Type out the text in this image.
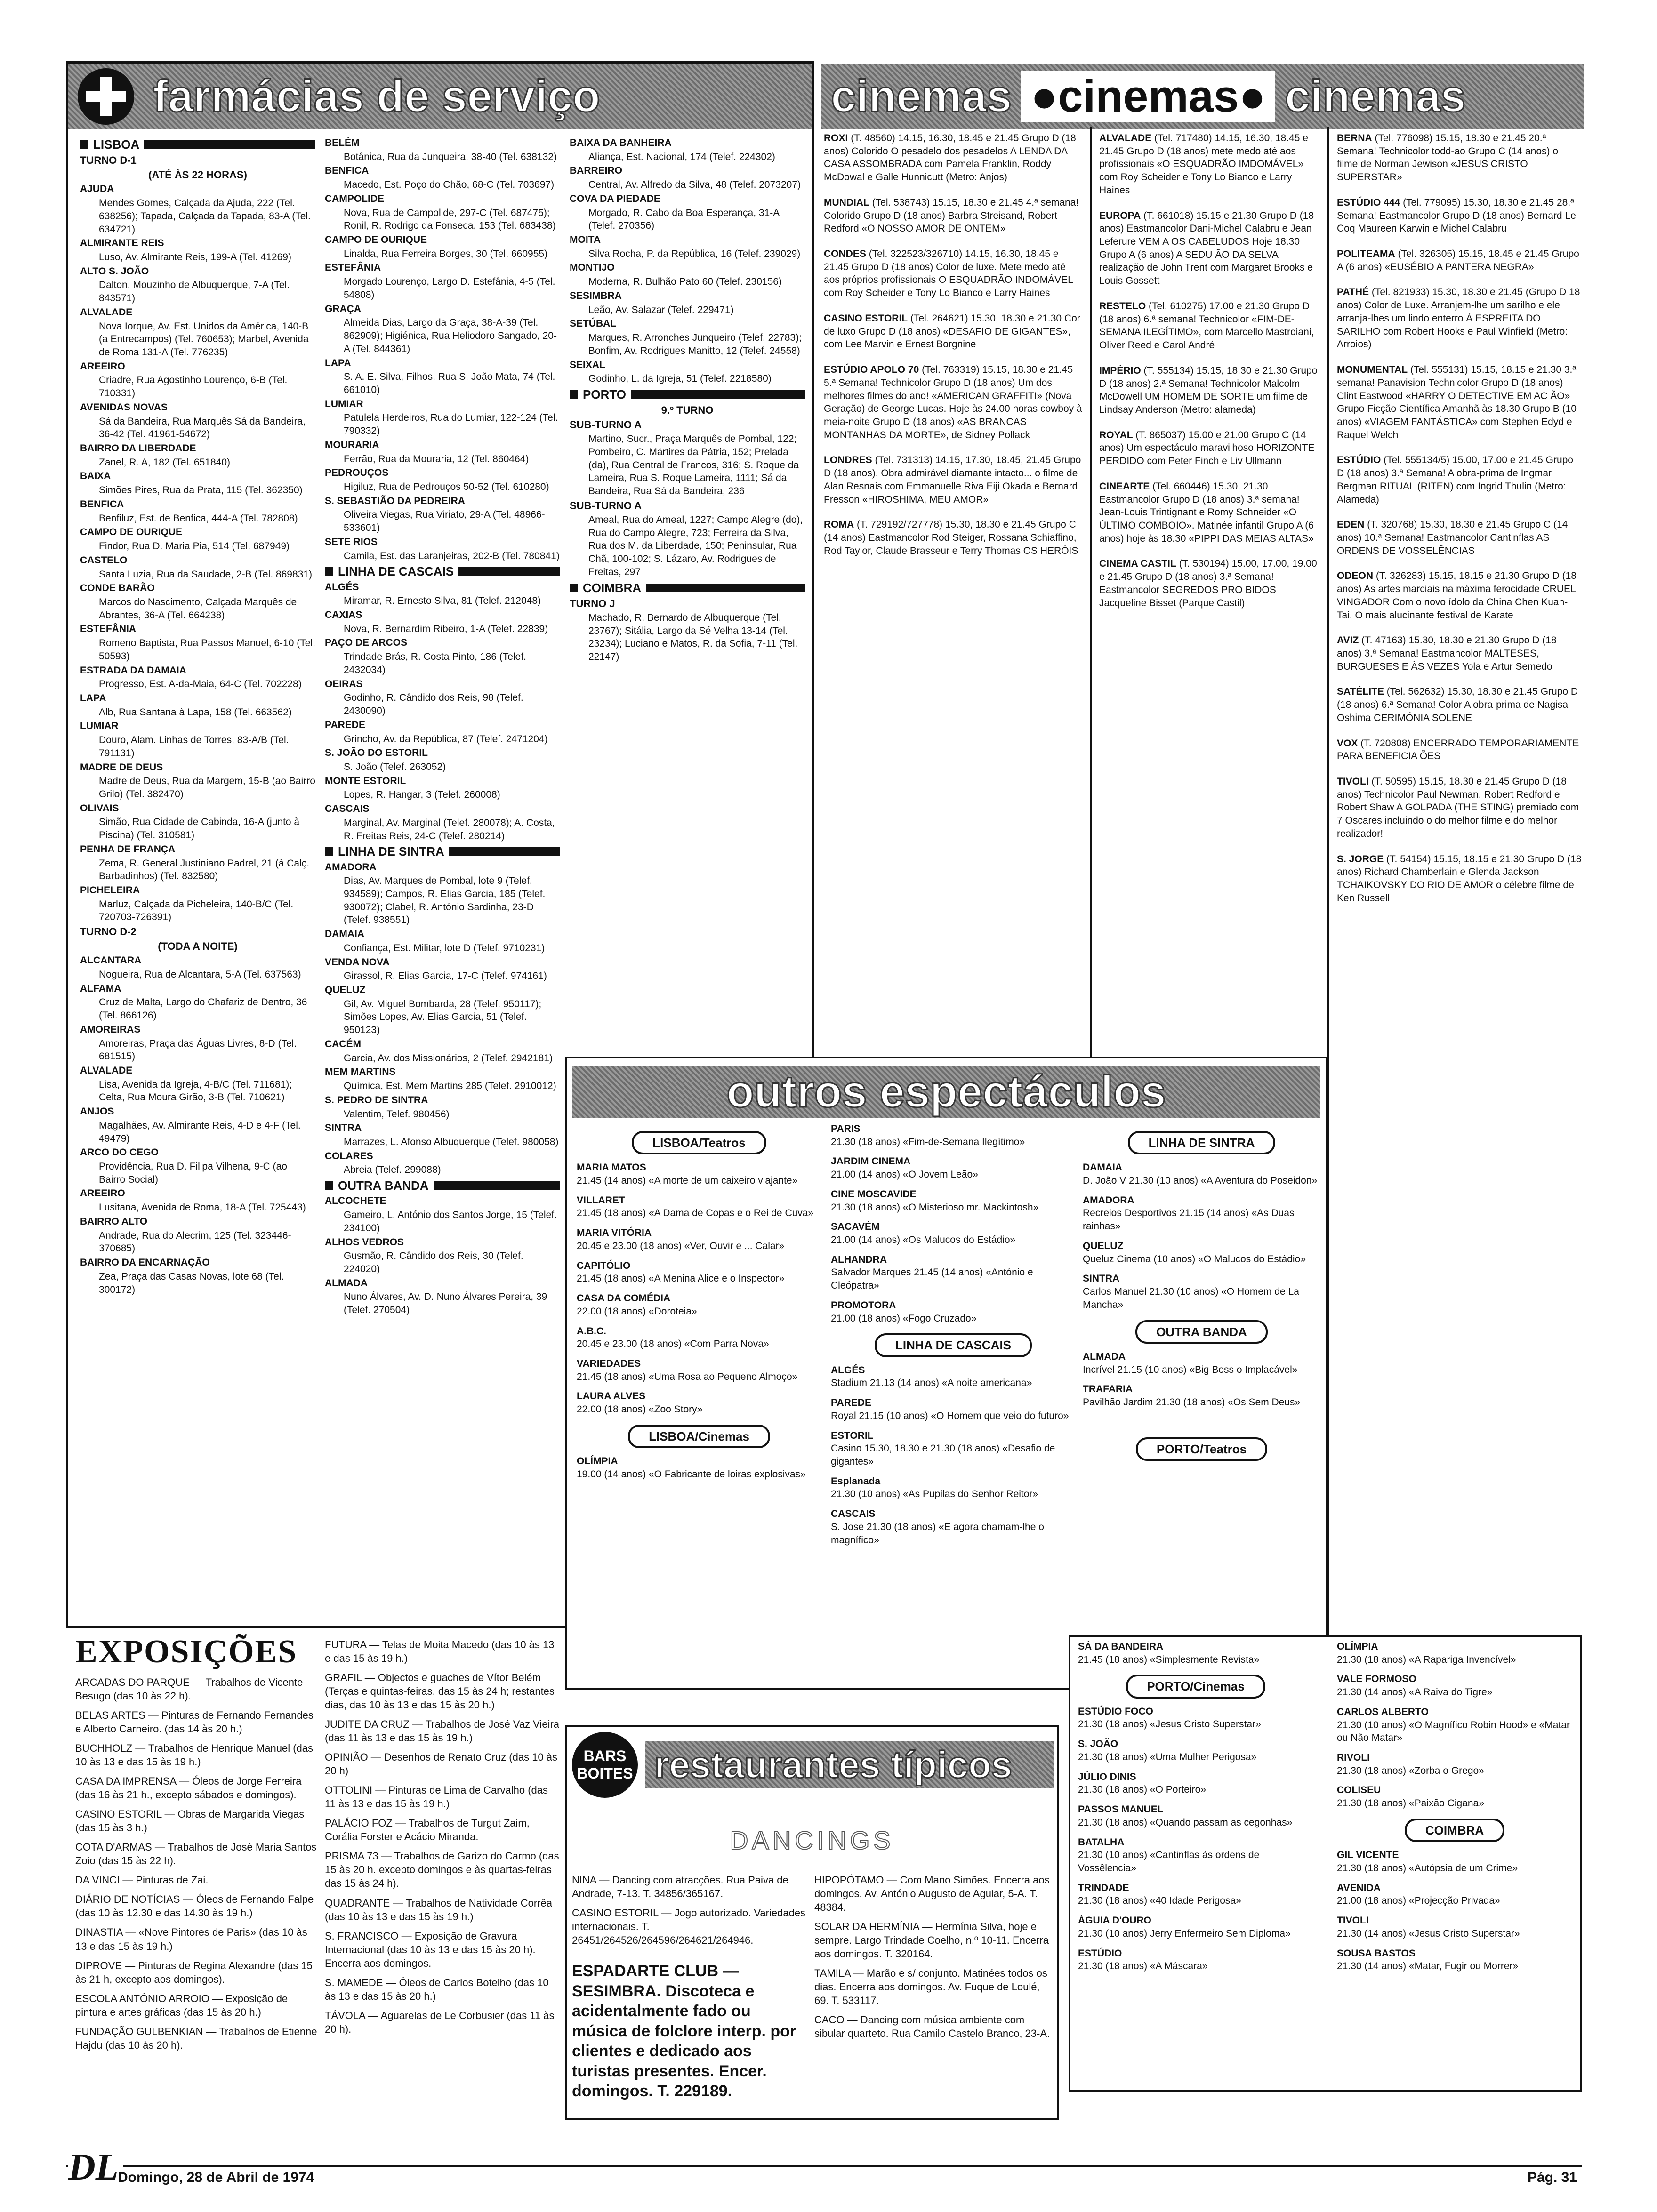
farmácias de serviço

LISBOA

TURNO D-1

(ATÉ ÀS 22 HORAS)

AJUDA

Mendes Gomes, Calçada da Ajuda, 222 (Tel. 638256); Tapada, Calçada da Tapada, 83-A (Tel. 634721)

ALMIRANTE REIS

Luso, Av. Almirante Reis, 199-A (Tel. 41269)

ALTO S. JOÃO

Dalton, Mouzinho de Albuquerque, 7-A (Tel. 843571)

ALVALADE

Nova Iorque, Av. Est. Unidos da América, 140-B (a Entrecampos) (Tel. 760653); Marbel, Avenida de Roma 131-A (Tel. 776235)

AREEIRO

Criadre, Rua Agostinho Lourenço, 6-B (Tel. 710331)

AVENIDAS NOVAS

Sá da Bandeira, Rua Marquês Sá da Bandeira, 36-42 (Tel. 41961-54672)

BAIRRO DA LIBERDADE

Zanel, R. A, 182 (Tel. 651840)

BAIXA

Simões Pires, Rua da Prata, 115 (Tel. 362350)

BENFICA

Benfiluz, Est. de Benfica, 444-A (Tel. 782808)

CAMPO DE OURIQUE

Findor, Rua D. Maria Pia, 514 (Tel. 687949)

CASTELO

Santa Luzia, Rua da Saudade, 2-B (Tel. 869831)

CONDE BARÃO

Marcos do Nascimento, Calçada Marquês de Abrantes, 36-A (Tel. 664238)

ESTEFÂNIA

Romeno Baptista, Rua Passos Manuel, 6-10 (Tel. 50593)

ESTRADA DA DAMAIA

Progresso, Est. A-da-Maia, 64-C (Tel. 702228)

LAPA

Alb, Rua Santana à Lapa, 158 (Tel. 663562)

LUMIAR

Douro, Alam. Linhas de Torres, 83-A/B (Tel. 791131)

MADRE DE DEUS

Madre de Deus, Rua da Margem, 15-B (ao Bairro Grilo) (Tel. 382470)

OLIVAIS

Simão, Rua Cidade de Cabinda, 16-A (junto à Piscina) (Tel. 310581)

PENHA DE FRANÇA

Zema, R. General Justiniano Padrel, 21 (à Calç. Barbadinhos) (Tel. 832580)

PICHELEIRA

Marluz, Calçada da Picheleira, 140-B/C (Tel. 720703-726391)

TURNO D-2

(TODA A NOITE)

ALCANTARA

Nogueira, Rua de Alcantara, 5-A (Tel. 637563)

ALFAMA

Cruz de Malta, Largo do Chafariz de Dentro, 36 (Tel. 866126)

AMOREIRAS

Amoreiras, Praça das Águas Livres, 8-D (Tel. 681515)

ALVALADE

Lisa, Avenida da Igreja, 4-B/C (Tel. 711681); Celta, Rua Moura Girão, 3-B (Tel. 710621)

ANJOS

Magalhães, Av. Almirante Reis, 4-D e 4-F (Tel. 49479)

ARCO DO CEGO

Providência, Rua D. Filipa Vilhena, 9-C (ao Bairro Social)

AREEIRO

Lusitana, Avenida de Roma, 18-A (Tel. 725443)

BAIRRO ALTO

Andrade, Rua do Alecrim, 125 (Tel. 323446-370685)

BAIRRO DA ENCARNAÇÃO

Zea, Praça das Casas Novas, lote 68 (Tel. 300172)

BELÉM

Botânica, Rua da Junqueira, 38-40 (Tel. 638132)

BENFICA

Macedo, Est. Poço do Chão, 68-C (Tel. 703697)

CAMPOLIDE

Nova, Rua de Campolide, 297-C (Tel. 687475); Ronil, R. Rodrigo da Fonseca, 153 (Tel. 683438)

CAMPO DE OURIQUE

Linalda, Rua Ferreira Borges, 30 (Tel. 660955)

ESTEFÂNIA

Morgado Lourenço, Largo D. Estefânia, 4-5 (Tel. 54808)

GRAÇA

Almeida Dias, Largo da Graça, 38-A-39 (Tel. 862909); Higiénica, Rua Heliodoro Sangado, 20-A (Tel. 844361)

LAPA

S. A. E. Silva, Filhos, Rua S. João Mata, 74 (Tel. 661010)

LUMIAR

Patulela Herdeiros, Rua do Lumiar, 122-124 (Tel. 790332)

MOURARIA

Ferrão, Rua da Mouraria, 12 (Tel. 860464)

PEDROUÇOS

Higiluz, Rua de Pedrouços 50-52 (Tel. 610280)

S. SEBASTIÃO DA PEDREIRA

Oliveira Viegas, Rua Viriato, 29-A (Tel. 48966-533601)

SETE RIOS

Camila, Est. das Laranjeiras, 202-B (Tel. 780841)

LINHA DE CASCAIS

ALGÉS

Miramar, R. Ernesto Silva, 81 (Telef. 212048)

CAXIAS

Nova, R. Bernardim Ribeiro, 1-A (Telef. 22839)

PAÇO DE ARCOS

Trindade Brás, R. Costa Pinto, 186 (Telef. 2432034)

OEIRAS

Godinho, R. Cândido dos Reis, 98 (Telef. 2430090)

PAREDE

Grincho, Av. da República, 87 (Telef. 2471204)

S. JOÃO DO ESTORIL

S. João (Telef. 263052)

MONTE ESTORIL

Lopes, R. Hangar, 3 (Telef. 260008)

CASCAIS

Marginal, Av. Marginal (Telef. 280078); A. Costa, R. Freitas Reis, 24-C (Telef. 280214)

LINHA DE SINTRA

AMADORA

Dias, Av. Marques de Pombal, lote 9 (Telef. 934589); Campos, R. Elias Garcia, 185 (Telef. 930072); Clabel, R. António Sardinha, 23-D (Telef. 938551)

DAMAIA

Confiança, Est. Militar, lote D (Telef. 9710231)

VENDA NOVA

Girassol, R. Elias Garcia, 17-C (Telef. 974161)

QUELUZ

Gil, Av. Miguel Bombarda, 28 (Telef. 950117); Simões Lopes, Av. Elias Garcia, 51 (Telef. 950123)

CACÉM

Garcia, Av. dos Missionários, 2 (Telef. 2942181)

MEM MARTINS

Química, Est. Mem Martins 285 (Telef. 2910012)

S. PEDRO DE SINTRA

Valentim, Telef. 980456)

SINTRA

Marrazes, L. Afonso Albuquerque (Telef. 980058)

COLARES

Abreia (Telef. 299088)

OUTRA BANDA

ALCOCHETE

Gameiro, L. António dos Santos Jorge, 15 (Telef. 234100)

ALHOS VEDROS

Gusmão, R. Cândido dos Reis, 30 (Telef. 224020)

ALMADA

Nuno Álvares, Av. D. Nuno Álvares Pereira, 39 (Telef. 270504)

BAIXA DA BANHEIRA

Aliança, Est. Nacional, 174 (Telef. 224302)

BARREIRO

Central, Av. Alfredo da Silva, 48 (Telef. 2073207)

COVA DA PIEDADE

Morgado, R. Cabo da Boa Esperança, 31-A (Telef. 270356)

MOITA

Silva Rocha, P. da República, 16 (Telef. 239029)

MONTIJO

Moderna, R. Bulhão Pato 60 (Telef. 230156)

SESIMBRA

Leão, Av. Salazar (Telef. 229471)

SETÚBAL

Marques, R. Arronches Junqueiro (Telef. 22783); Bonfim, Av. Rodrigues Manitto, 12 (Telef. 24558)

SEIXAL

Godinho, L. da Igreja, 51 (Telef. 2218580)

PORTO

9.º TURNO

SUB-TURNO A

Martino, Sucr., Praça Marquês de Pombal, 122; Pombeiro, C. Mártires da Pátria, 152; Prelada (da), Rua Central de Francos, 316; S. Roque da Lameira, Rua S. Roque Lameira, 1111; Sá da Bandeira, Rua Sá da Bandeira, 236

SUB-TURNO A

Ameal, Rua do Ameal, 1227; Campo Alegre (do), Rua do Campo Alegre, 723; Ferreira da Silva, Rua dos M. da Liberdade, 150; Peninsular, Rua Chã, 100-102; S. Lázaro, Av. Rodrigues de Freitas, 297

COIMBRA

TURNO J

Machado, R. Bernardo de Albuquerque (Tel. 23767); Sitália, Largo da Sé Velha 13-14 (Tel. 23234); Luciano e Matos, R. da Sofia, 7-11 (Tel. 22147)

cinemas ●cinemas● cinemas
ROXI (T. 48560) 14.15, 16.30, 18.45 e 21.45 Grupo D (18 anos) Colorido O pesadelo dos pesadelos A LENDA DA CASA ASSOMBRADA com Pamela Franklin, Roddy McDowal e Galle Hunnicutt (Metro: Anjos)
MUNDIAL (Tel. 538743) 15.15, 18.30 e 21.45 4.ª semana! Colorido Grupo D (18 anos) Barbra Streisand, Robert Redford «O NOSSO AMOR DE ONTEM»
CONDES (Tel. 322523/326710) 14.15, 16.30, 18.45 e 21.45 Grupo D (18 anos) Color de luxe. Mete medo até aos próprios profissionais O ESQUADRÃO INDOMÁVEL com Roy Scheider e Tony Lo Bianco e Larry Haines
CASINO ESTORIL (Tel. 264621) 15.30, 18.30 e 21.30 Cor de luxo Grupo D (18 anos) «DESAFIO DE GIGANTES», com Lee Marvin e Ernest Borgnine
ESTÚDIO APOLO 70 (Tel. 763319) 15.15, 18.30 e 21.45 5.ª Semana! Technicolor Grupo D (18 anos) Um dos melhores filmes do ano! «AMERICAN GRAFFITI» (Nova Geração) de George Lucas. Hoje às 24.00 horas cowboy à meia-noite Grupo D (18 anos) «AS BRANCAS MONTANHAS DA MORTE», de Sidney Pollack
LONDRES (Tel. 731313) 14.15, 17.30, 18.45, 21.45 Grupo D (18 anos). Obra admirável diamante intacto... o filme de Alan Resnais com Emmanuelle Riva Eiji Okada e Bernard Fresson «HIROSHIMA, MEU AMOR»
ROMA (T. 729192/727778) 15.30, 18.30 e 21.45 Grupo C (14 anos) Eastmancolor Rod Steiger, Rossana Schiaffino, Rod Taylor, Claude Brasseur e Terry Thomas OS HERÓIS
ALVALADE (Tel. 717480) 14.15, 16.30, 18.45 e 21.45 Grupo D (18 anos) mete medo até aos profissionais «O ESQUADRÃO IMDOMÁVEL» com Roy Scheider e Tony Lo Bianco e Larry Haines
EUROPA (T. 661018) 15.15 e 21.30 Grupo D (18 anos) Eastmancolor Dani-Michel Calabru e Jean Leferure VEM A OS CABELUDOS Hoje 18.30 Grupo A (6 anos) A SEDU ÃO DA SELVA realização de John Trent com Margaret Brooks e Louis Gossett
RESTELO (Tel. 610275) 17.00 e 21.30 Grupo D (18 anos) 6.ª semana! Technicolor «FIM-DE-SEMANA ILEGÍTIMO», com Marcello Mastroiani, Oliver Reed e Carol André
IMPÉRIO (T. 555134) 15.15, 18.30 e 21.30 Grupo D (18 anos) 2.ª Semana! Technicolor Malcolm McDowell UM HOMEM DE SORTE um filme de Lindsay Anderson (Metro: alameda)
ROYAL (T. 865037) 15.00 e 21.00 Grupo C (14 anos) Um espectáculo maravilhoso HORIZONTE PERDIDO com Peter Finch e Liv Ullmann
CINEARTE (Tel. 660446) 15.30, 21.30 Eastmancolor Grupo D (18 anos) 3.ª semana! Jean-Louis Trintignant e Romy Schneider «O ÚLTIMO COMBOIO». Matinée infantil Grupo A (6 anos) hoje às 18.30 «PIPPI DAS MEIAS ALTAS»
CINEMA CASTIL (T. 530194) 15.00, 17.00, 19.00 e 21.45 Grupo D (18 anos) 3.ª Semana! Eastmancolor SEGREDOS PRO BIDOS Jacqueline Bisset (Parque Castil)
BERNA (Tel. 776098) 15.15, 18.30 e 21.45 20.ª Semana! Technicolor todd-ao Grupo C (14 anos) o filme de Norman Jewison «JESUS CRISTO SUPERSTAR»
ESTÚDIO 444 (Tel. 779095) 15.30, 18.30 e 21.45 28.ª Semana! Eastmancolor Grupo D (18 anos) Bernard Le Coq Maureen Karwin e Michel Calabru
POLITEAMA (Tel. 326305) 15.15, 18.45 e 21.45 Grupo A (6 anos) «EUSÉBIO A PANTERA NEGRA»
PATHÉ (Tel. 821933) 15.30, 18.30 e 21.45 (Grupo D 18 anos) Color de Luxe. Arranjem-lhe um sarilho e ele arranja-lhes um lindo enterro À ESPREITA DO SARILHO com Robert Hooks e Paul Winfield (Metro: Arroios)
MONUMENTAL (Tel. 555131) 15.15, 18.15 e 21.30 3.ª semana! Panavision Technicolor Grupo D (18 anos) Clint Eastwood «HARRY O DETECTIVE EM AC ÃO» Grupo Ficção Científica Amanhã às 18.30 Grupo B (10 anos) «VIAGEM FANTÁSTICA» com Stephen Edyd e Raquel Welch
ESTÚDIO (Tel. 555134/5) 15.00, 17.00 e 21.45 Grupo D (18 anos) 3.ª Semana! A obra-prima de Ingmar Bergman RITUAL (RITEN) com Ingrid Thulin (Metro: Alameda)
EDEN (T. 320768) 15.30, 18.30 e 21.45 Grupo C (14 anos) 10.ª Semana! Eastmancolor Cantinflas AS ORDENS DE VOSSELÊNCIAS
ODEON (T. 326283) 15.15, 18.15 e 21.30 Grupo D (18 anos) As artes marciais na máxima ferocidade CRUEL VINGADOR Com o novo ídolo da China Chen Kuan-Tai. O mais alucinante festival de Karate
AVIZ (T. 47163) 15.30, 18.30 e 21.30 Grupo D (18 anos) 3.ª Semana! Eastmancolor MALTESES, BURGUESES E ÀS VEZES Yola e Artur Semedo
SATÉLITE (Tel. 562632) 15.30, 18.30 e 21.45 Grupo D (18 anos) 6.ª Semana! Color A obra-prima de Nagisa Oshima CERIMÓNIA SOLENE
VOX (T. 720808) ENCERRADO TEMPORARIAMENTE PARA BENEFICIA ÕES
TIVOLI (T. 50595) 15.15, 18.30 e 21.45 Grupo D (18 anos) Technicolor Paul Newman, Robert Redford e Robert Shaw A GOLPADA (THE STING) premiado com 7 Oscares incluindo o do melhor filme e do melhor realizador!
S. JORGE (T. 54154) 15.15, 18.15 e 21.30 Grupo D (18 anos) Richard Chamberlain e Glenda Jackson TCHAIKOVSKY DO RIO DE AMOR o célebre filme de Ken Russell
outros espectáculos
LISBOA/Teatros
MARIA MATOS
21.45 (14 anos) «A morte de um caixeiro viajante»
VILLARET
21.45 (18 anos) «A Dama de Copas e o Rei de Cuva»
MARIA VITÓRIA
20.45 e 23.00 (18 anos) «Ver, Ouvir e ... Calar»
CAPITÓLIO
21.45 (18 anos) «A Menina Alice e o Inspector»
CASA DA COMÉDIA
22.00 (18 anos) «Doroteia»
A.B.C.
20.45 e 23.00 (18 anos) «Com Parra Nova»
VARIEDADES
21.45 (18 anos) «Uma Rosa ao Pequeno Almoço»
LAURA ALVES
22.00 (18 anos) «Zoo Story»
LISBOA/Cinemas
OLÍMPIA
19.00 (14 anos) «O Fabricante de loiras explosivas»
PARIS
21.30 (18 anos) «Fim-de-Semana Ilegítimo»
JARDIM CINEMA
21.00 (14 anos) «O Jovem Leão»
CINE MOSCAVIDE
21.30 (18 anos) «O Misterioso mr. Mackintosh»
SACAVÉM
21.00 (14 anos) «Os Malucos do Estádio»
ALHANDRA
Salvador Marques 21.45 (14 anos) «António e Cleópatra»
PROMOTORA
21.00 (18 anos) «Fogo Cruzado»
LINHA DE CASCAIS
ALGÉS
Stadium 21.13 (14 anos) «A noite americana»
PAREDE
Royal 21.15 (10 anos) «O Homem que veio do futuro»
ESTORIL
Casino 15.30, 18.30 e 21.30 (18 anos) «Desafio de gigantes»
Esplanada
21.30 (10 anos) «As Pupilas do Senhor Reitor»
CASCAIS
S. José 21.30 (18 anos) «E agora chamam-lhe o magnífico»
LINHA DE SINTRA
DAMAIA
D. João V 21.30 (10 anos) «A Aventura do Poseidon»
AMADORA
Recreios Desportivos 21.15 (14 anos) «As Duas rainhas»
QUELUZ
Queluz Cinema (10 anos) «O Malucos do Estádio»
SINTRA
Carlos Manuel 21.30 (10 anos) «O Homem de La Mancha»
OUTRA BANDA
ALMADA
Incrível 21.15 (10 anos) «Big Boss o Implacável»
TRAFARIA
Pavilhão Jardim 21.30 (18 anos) «Os Sem Deus»
PORTO/Teatros
SÁ DA BANDEIRA
21.45 (18 anos) «Simplesmente Revista»
PORTO/Cinemas
ESTÚDIO FOCO
21.30 (18 anos) «Jesus Cristo Superstar»
S. JOÃO
21.30 (18 anos) «Uma Mulher Perigosa»
JÚLIO DINIS
21.30 (18 anos) «O Porteiro»
PASSOS MANUEL
21.30 (18 anos) «Quando passam as cegonhas»
BATALHA
21.30 (10 anos) «Cantinflas às ordens de Vossêlencia»
TRINDADE
21.30 (18 anos) «40 Idade Perigosa»
ÁGUIA D'OURO
21.30 (10 anos) Jerry Enfermeiro Sem Diploma»
ESTÚDIO
21.30 (18 anos) «A Máscara»
OLÍMPIA
21.30 (18 anos) «A Rapariga Invencível»
VALE FORMOSO
21.30 (14 anos) «A Raiva do Tigre»
CARLOS ALBERTO
21.30 (10 anos) «O Magnífico Robin Hood» e «Matar ou Não Matar»
RIVOLI
21.30 (18 anos) «Zorba o Grego»
COLISEU
21.30 (18 anos) «Paixão Cigana»
COIMBRA
GIL VICENTE
21.30 (18 anos) «Autópsia de um Crime»
AVENIDA
21.00 (18 anos) «Projecção Privada»
TIVOLI
21.30 (14 anos) «Jesus Cristo Superstar»
SOUSA BASTOS
21.30 (14 anos) «Matar, Fugir ou Morrer»
EXPOSIÇÕES

ARCADAS DO PARQUE — Trabalhos de Vicente Besugo (das 10 às 22 h).

BELAS ARTES — Pinturas de Fernando Fernandes e Alberto Carneiro. (das 14 às 20 h.)

BUCHHOLZ — Trabalhos de Henrique Manuel (das 10 às 13 e das 15 às 19 h.)

CASA DA IMPRENSA — Óleos de Jorge Ferreira (das 16 às 21 h., excepto sábados e domingos).

CASINO ESTORIL — Obras de Margarida Viegas (das 15 às 3 h.)

COTA D'ARMAS — Trabalhos de José Maria Santos Zoio (das 15 às 22 h).

DA VINCI — Pinturas de Zai.

DIÁRIO DE NOTÍCIAS — Óleos de Fernando Falpe (das 10 às 12.30 e das 14.30 às 19 h.)

DINASTIA — «Nove Pintores de Paris» (das 10 às 13 e das 15 às 19 h.)

DIPROVE — Pinturas de Regina Alexandre (das 15 às 21 h, excepto aos domingos).

ESCOLA ANTÓNIO ARROIO — Exposição de pintura e artes gráficas (das 15 às 20 h.)

FUNDAÇÃO GULBENKIAN — Trabalhos de Etienne Hajdu (das 10 às 20 h).

FUTURA — Telas de Moita Macedo (das 10 às 13 e das 15 às 19 h.)

GRAFIL — Objectos e guaches de Vítor Belém (Terças e quintas-feiras, das 15 às 24 h; restantes dias, das 10 às 13 e das 15 às 20 h.)

JUDITE DA CRUZ — Trabalhos de José Vaz Vieira (das 11 às 13 e das 15 às 19 h.)

OPINIÃO — Desenhos de Renato Cruz (das 10 às 20 h)

OTTOLINI — Pinturas de Lima de Carvalho (das 11 às 13 e das 15 às 19 h.)

PALÁCIO FOZ — Trabalhos de Turgut Zaim, Corália Forster e Acácio Miranda.

PRISMA 73 — Trabalhos de Garizo do Carmo (das 15 às 20 h. excepto domingos e às quartas-feiras das 15 às 24 h).

QUADRANTE — Trabalhos de Natividade Corrêa (das 10 às 13 e das 15 às 19 h.)

S. FRANCISCO — Exposição de Gravura Internacional (das 10 às 13 e das 15 às 20 h). Encerra aos domingos.

S. MAMEDE — Óleos de Carlos Botelho (das 10 às 13 e das 15 às 20 h.)

TÁVOLA — Aguarelas de Le Corbusier (das 11 às 20 h).

BARS
BOITES restaurantes típicos
DANCINGS

NINA — Dancing com atracções. Rua Paiva de Andrade, 7-13. T. 34856/365167.

CASINO ESTORIL — Jogo autorizado. Variedades internacionais. T. 26451/264526/264596/264621/264946.

ESPADARTE CLUB — SESIMBRA. Discoteca e acidentalmente fado ou música de folclore interp. por clientes e dedicado aos turistas presentes. Encer. domingos. T. 229189.

HIPOPÓTAMO — Com Mano Simões. Encerra aos domingos. Av. António Augusto de Aguiar, 5-A. T. 48384.

SOLAR DA HERMÍNIA — Hermínia Silva, hoje e sempre. Largo Trindade Coelho, n.º 10-11. Encerra aos domingos. T. 320164.

TAMILA — Marão e s/ conjunto. Matinées todos os dias. Encerra aos domingos. Av. Fuque de Loulé, 69. T. 533117.

CACO — Dancing com música ambiente com sibular quarteto. Rua Camilo Castelo Branco, 23-A.

DL
Domingo, 28 de Abril de 1974	Pág. 31
